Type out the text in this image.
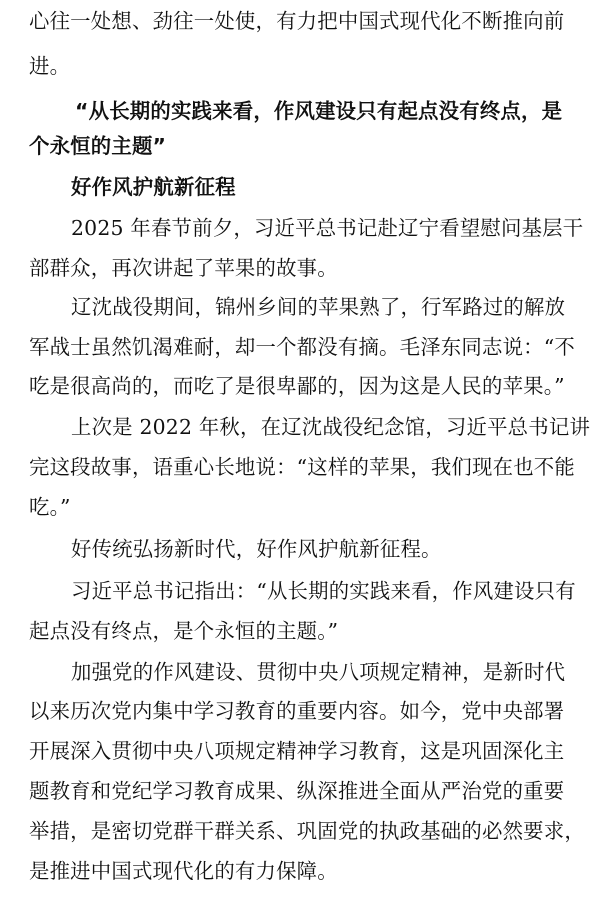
心往一处想、劲往一处使，有力把中国式现代化不断推向前
进。
“从长期的实践来看，作风建设只有起点没有终点，是
个永恒的主题”
好作风护航新征程
2025 年春节前夕，习近平总书记赴辽宁看望慰问基层干
部群众，再次讲起了苹果的故事。
辽沈战役期间，锦州乡间的苹果熟了，行军路过的解放
军战士虽然饥渴难耐，却一个都没有摘。毛泽东同志说：“不
吃是很高尚的，而吃了是很卑鄙的，因为这是人民的苹果。”
上次是 2022 年秋，在辽沈战役纪念馆，习近平总书记讲
完这段故事，语重心长地说：“这样的苹果，我们现在也不能
吃。”
好传统弘扬新时代，好作风护航新征程。
习近平总书记指出：“从长期的实践来看，作风建设只有
起点没有终点，是个永恒的主题。”
加强党的作风建设、贯彻中央八项规定精神，是新时代
以来历次党内集中学习教育的重要内容。如今，党中央部署
开展深入贯彻中央八项规定精神学习教育，这是巩固深化主
题教育和党纪学习教育成果、纵深推进全面从严治党的重要
举措，是密切党群干群关系、巩固党的执政基础的必然要求，
是推进中国式现代化的有力保障。
